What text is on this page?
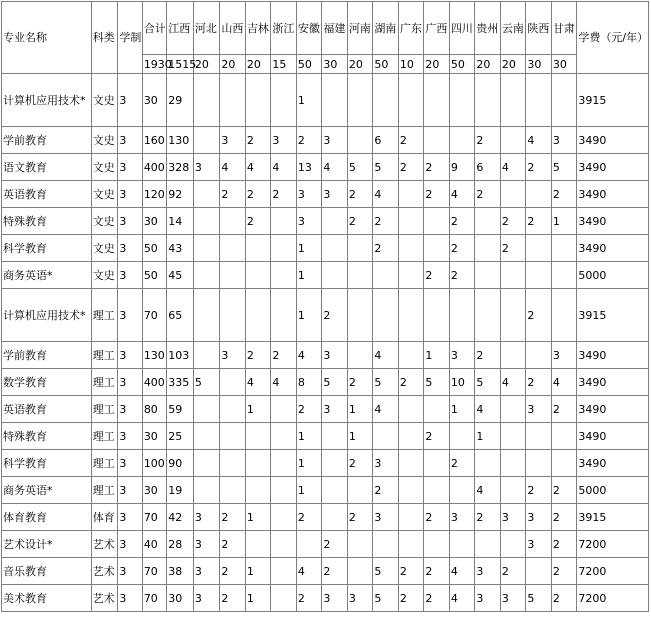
专业名称	科类	学制	合计	江西	河北	山西	吉林	浙江	安徽	福建	河南	湖南	广东	广西	四川	贵州	云南	陕西	甘肃	学费（元/年）
			1930	1515	20	20	20	15	50	30	20	50	10	20	50	20	20	30	30	
计算机应用技术*	文史	3	30	29					1											3915
学前教育	文史	3	160	130		3	2	3	2	3		6	2			2		4	3	3490
语文教育	文史	3	400	328	3	4	4	4	13	4	5	5	2	2	9	6	4	2	5	3490
英语教育	文史	3	120	92		2	2	2	3	3	2	4		2	4	2			2	3490
特殊教育	文史	3	30	14			2		3		2	2			2		2	2	1	3490
科学教育	文史	3	50	43					1			2			2		2			3490
商务英语*	文史	3	50	45					1					2	2					5000
计算机应用技术*	理工	3	70	65					1	2								2		3915
学前教育	理工	3	130	103		3	2	2	4	3		4		1	3	2			3	3490
数学教育	理工	3	400	335	5		4	4	8	5	2	5	2	5	10	5	4	2	4	3490
英语教育	理工	3	80	59			1		2	3	1	4			1	4		3	2	3490
特殊教育	理工	3	30	25					1		1			2		1				3490
科学教育	理工	3	100	90					1		2	3			2					3490
商务英语*	理工	3	30	19					1			2				4		2	2	5000
体育教育	体育	3	70	42	3	2	1		2		2	3		2	3	2	3	3	2	3915
艺术设计*	艺术	3	40	28	3	2				2								3	2	7200
音乐教育	艺术	3	70	38	3	2	1		4	2		5	2	2	4	3	2		2	7200
美术教育	艺术	3	70	30	3	2	1		2	3	3	5	2	2	4	3	3	5	2	7200
